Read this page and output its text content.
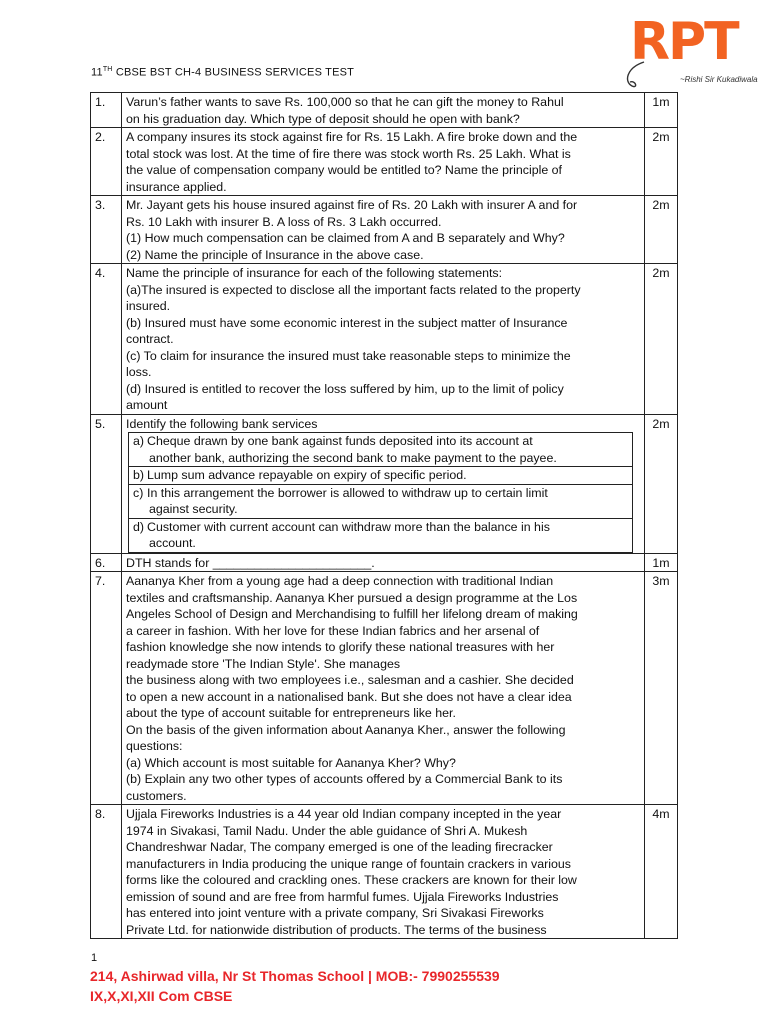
RPT
~Rishi Sir Kukadiwala
11TH CBSE BST CH-4 BUSINESS SERVICES TEST
1.	Varun’s father wants to save Rs. 100,000 so that he can gift the money to Rahul
on his graduation day. Which type of deposit should he open with bank?
	1m
2.	A company insures its stock against fire for Rs. 15 Lakh. A fire broke down and the
total stock was lost. At the time of fire there was stock worth Rs. 25 Lakh. What is
the value of compensation company would be entitled to? Name the principle of
insurance applied.
	2m
3.	Mr. Jayant gets his house insured against fire of Rs. 20 Lakh with insurer A and for
Rs. 10 Lakh with insurer B. A loss of Rs. 3 Lakh occurred.
(1) How much compensation can be claimed from A and B separately and Why?
(2) Name the principle of Insurance in the above case.
	2m
4.	Name the principle of insurance for each of the following statements:
(a)The insured is expected to disclose all the important facts related to the property
insured.
(b) Insured must have some economic interest in the subject matter of Insurance
contract.
(c) To claim for insurance the insured must take reasonable steps to minimize the
loss.
(d) Insured is entitled to recover the loss suffered by him, up to the limit of policy
amount
	2m
5.	Identify the following bank services
a) Cheque drawn by one bank against funds deposited into its account at
another bank, authorizing the second bank to make payment to the payee.

b) Lump sum advance repayable on expiry of specific period.
c) In this arrangement the borrower is allowed to withdraw up to certain limit
against security.

d) Customer with current account can withdraw more than the balance in his
account.
	2m
6.	DTH stands for _______________________.	1m
7.	Aananya Kher from a young age had a deep connection with traditional Indian
textiles and craftsmanship. Aananya Kher pursued a design programme at the Los
Angeles School of Design and Merchandising to fulfill her lifelong dream of making
a career in fashion. With her love for these Indian fabrics and her arsenal of
fashion knowledge she now intends to glorify these national treasures with her
readymade store 'The Indian Style'. She manages
the business along with two employees i.e., salesman and a cashier. She decided
to open a new account in a nationalised bank. But she does not have a clear idea
about the type of account suitable for entrepreneurs like her.
On the basis of the given information about Aananya Kher., answer the following
questions:
(a) Which account is most suitable for Aananya Kher? Why?
(b) Explain any two other types of accounts offered by a Commercial Bank to its
customers.
	3m
8.	Ujjala Fireworks Industries is a 44 year old Indian company incepted in the year
1974 in Sivakasi, Tamil Nadu. Under the able guidance of Shri A. Mukesh
Chandreshwar Nadar, The company emerged is one of the leading firecracker
manufacturers in India producing the unique range of fountain crackers in various
forms like the coloured and crackling ones. These crackers are known for their low
emission of sound and are free from harmful fumes. Ujjala Fireworks Industries
has entered into joint venture with a private company, Sri Sivakasi Fireworks
Private Ltd. for nationwide distribution of products. The terms of the business
	4m
1
214, Ashirwad villa, Nr St Thomas School | MOB:- 7990255539
IX,X,XI,XII Com CBSE
